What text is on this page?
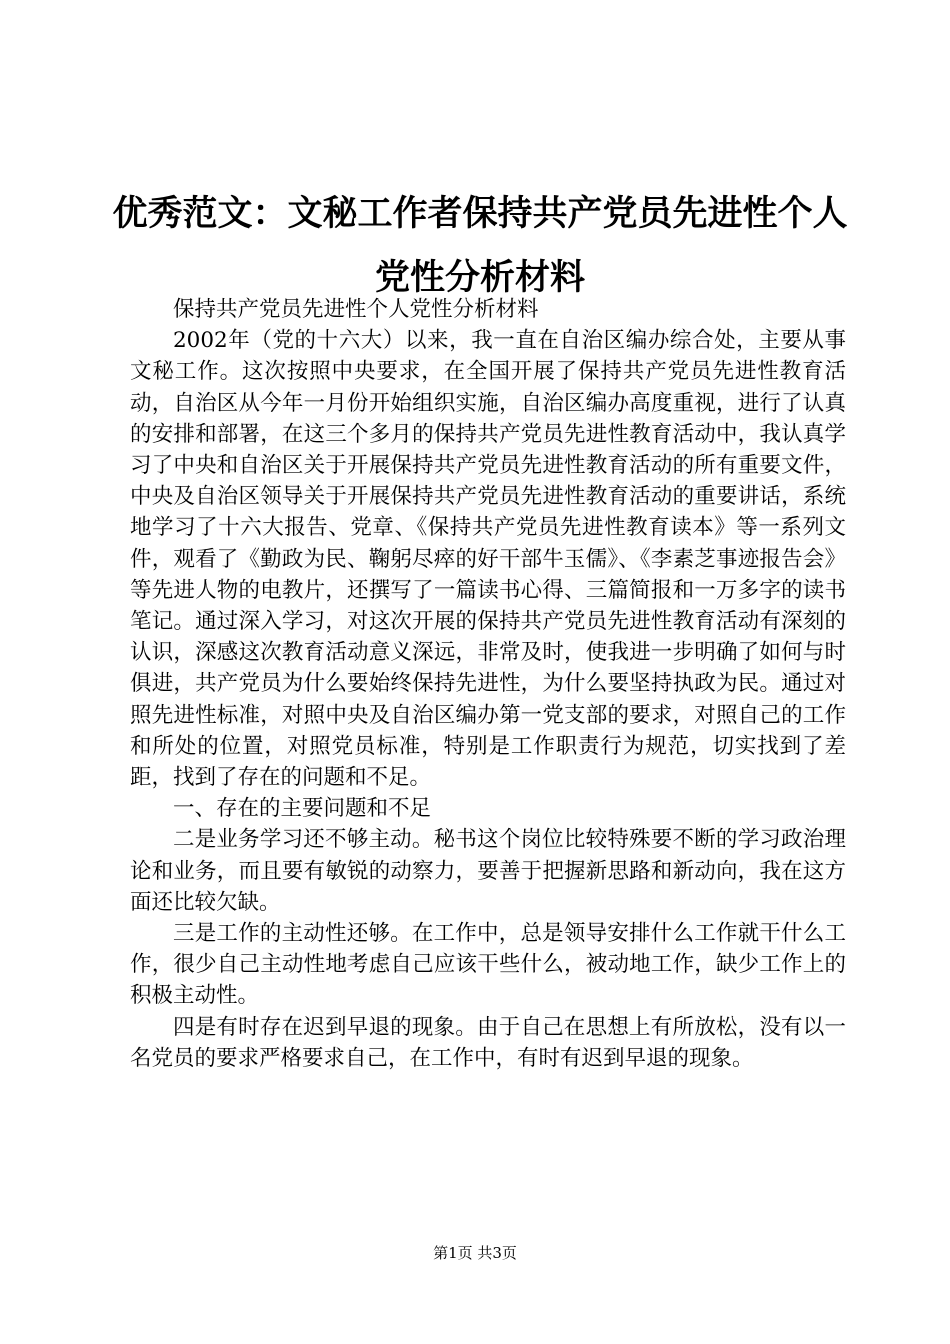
优秀范文：文秘工作者保持共产党员先进性个人党性分析材料

保持共产党员先进性个人党性分析材料

2002年（党的十六大）以来，我一直在自治区编办综合处，主要从事文秘工作。这次按照中央要求，在全国开展了保持共产党员先进性教育活动，自治区从今年一月份开始组织实施，自治区编办高度重视，进行了认真的安排和部署，在这三个多月的保持共产党员先进性教育活动中，我认真学习了中央和自治区关于开展保持共产党员先进性教育活动的所有重要文件，中央及自治区领导关于开展保持共产党员先进性教育活动的重要讲话，系统地学习了十六大报告、党章、《保持共产党员先进性教育读本》等一系列文件，观看了《勤政为民、鞠躬尽瘁的好干部牛玉儒》、《李素芝事迹报告会》等先进人物的电教片，还撰写了一篇读书心得、三篇简报和一万多字的读书笔记。通过深入学习，对这次开展的保持共产党员先进性教育活动有深刻的认识，深感这次教育活动意义深远，非常及时，使我进一步明确了如何与时俱进，共产党员为什么要始终保持先进性，为什么要坚持执政为民。通过对照先进性标准，对照中央及自治区编办第一党支部的要求，对照自己的工作和所处的位置，对照党员标准，特别是工作职责行为规范，切实找到了差距，找到了存在的问题和不足。

一、存在的主要问题和不足

二是业务学习还不够主动。秘书这个岗位比较特殊要不断的学习政治理论和业务，而且要有敏锐的动察力，要善于把握新思路和新动向，我在这方面还比较欠缺。

三是工作的主动性还够。在工作中，总是领导安排什么工作就干什么工作，很少自己主动性地考虑自己应该干些什么，被动地工作，缺少工作上的积极主动性。

四是有时存在迟到早退的现象。由于自己在思想上有所放松，没有以一名党员的要求严格要求自己，在工作中，有时有迟到早退的现象。

第1页 共3页
